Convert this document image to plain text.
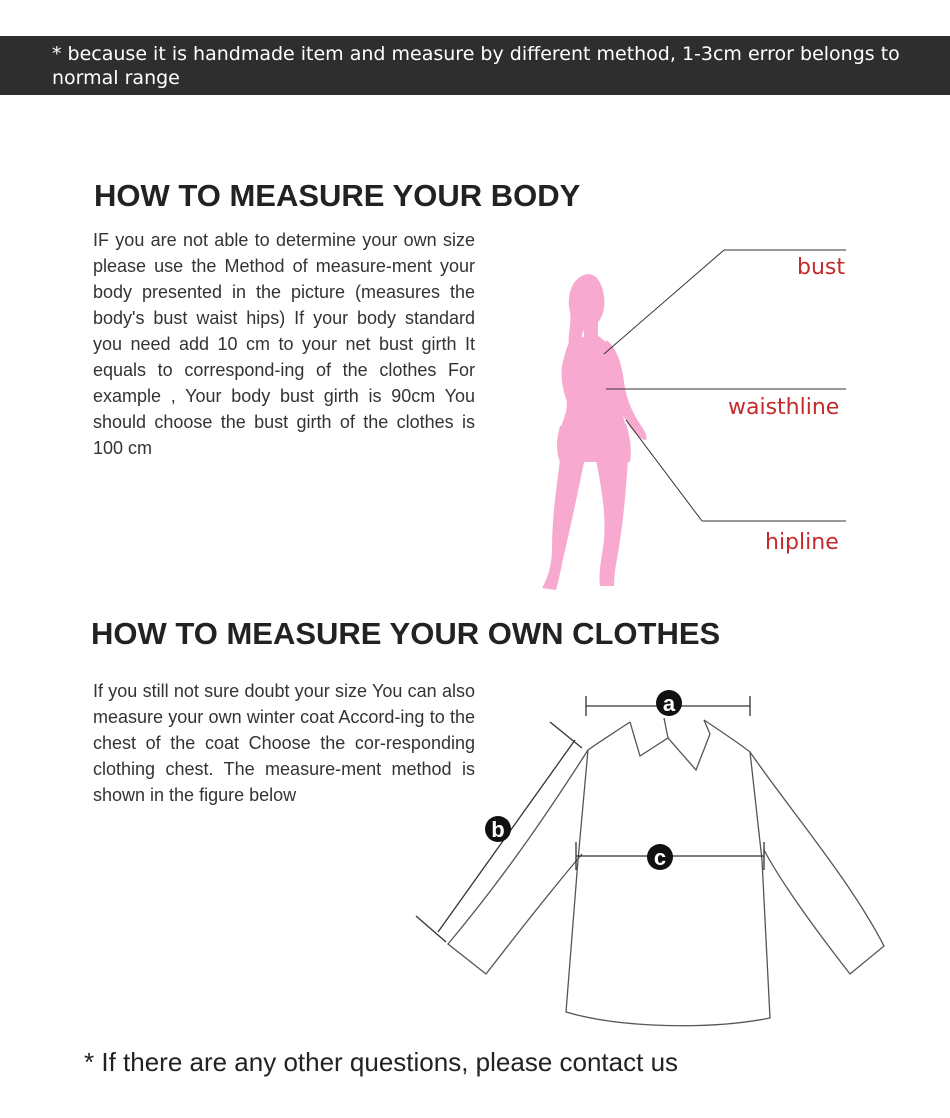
* because it is handmade item and measure by different method, 1-3cm error belongs to normal range
HOW TO MEASURE YOUR BODY

IF you are not able to determine your own size please use the Method of measure-ment your body presented in the picture (measures the body's bust waist hips) If your body standard you need add 10 cm to your net bust girth It equals to correspond-ing of the clothes For example , Your body bust girth is 90cm You should choose the bust girth of the clothes is 100 cm

HOW TO MEASURE YOUR OWN CLOTHES

If you still not sure doubt your size You can also measure your own winter coat Accord-ing to the chest of the coat Choose the cor-responding clothing chest. The measure-ment method is shown in the figure below

bust
waisthline
hipline
a
b
c

* If there are any other questions, please contact us
